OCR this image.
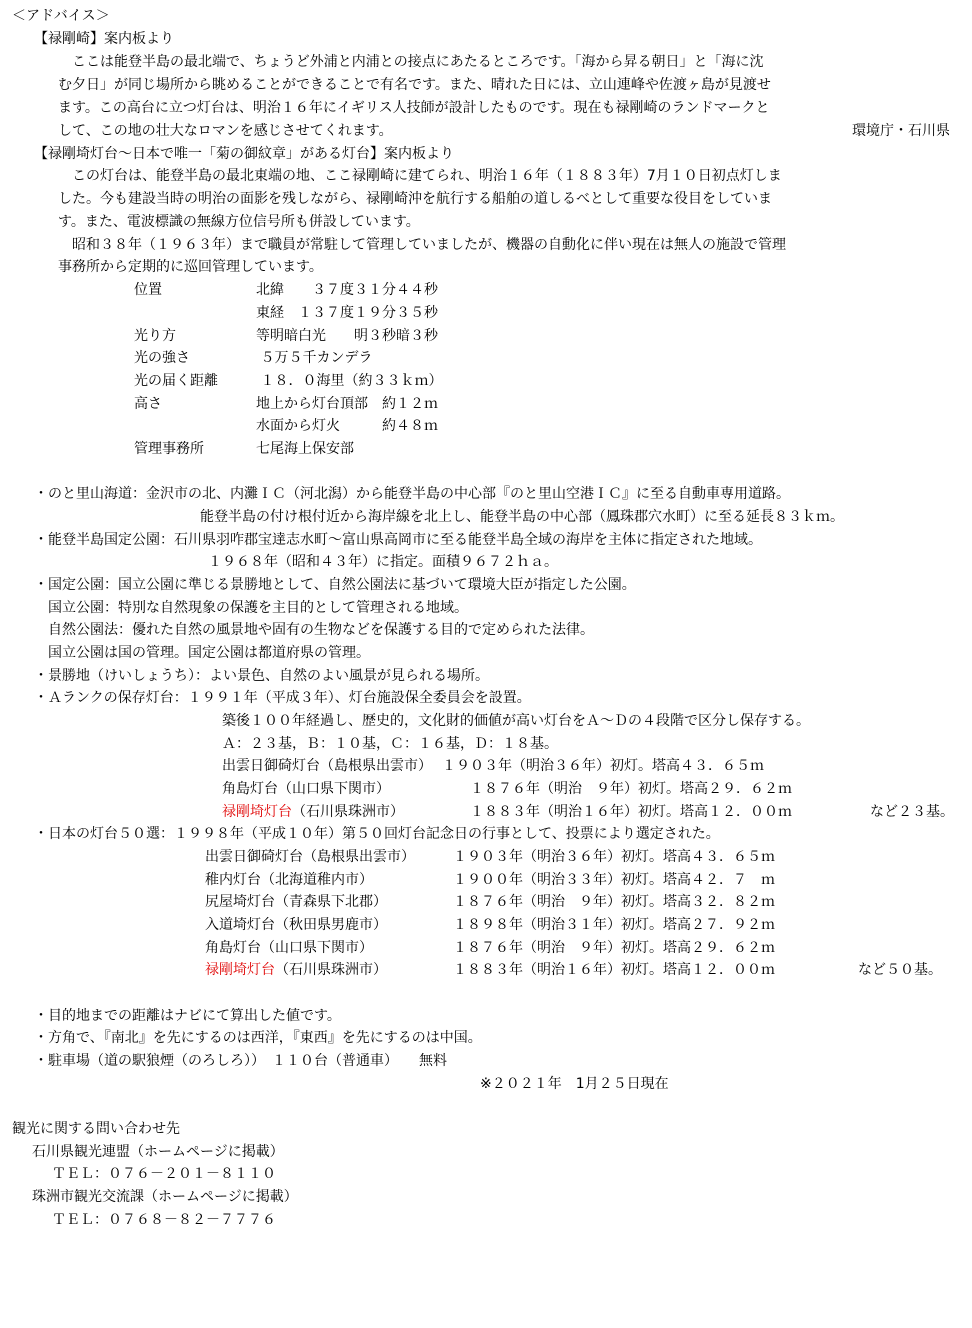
＜アドバイス＞
【禄剛崎】案内板より
ここは能登半島の最北端で、ちょうど外浦と内浦との接点にあたるところです。「海から昇る朝日」と「海に沈
む夕日」が同じ場所から眺めることができることで有名です。また、晴れた日には、立山連峰や佐渡ヶ島が見渡せ
ます。この高台に立つ灯台は、明治１６年にイギリス人技師が設計したものです。現在も禄剛崎のランドマークと
して、この地の壮大なロマンを感じさせてくれます。	環境庁・石川県
【禄剛埼灯台～日本で唯一「菊の御紋章」がある灯台】案内板より
この灯台は、能登半島の最北東端の地、ここ禄剛崎に建てられ、明治１６年（１８８３年）7月１０日初点灯しま
した。今も建設当時の明治の面影を残しながら、禄剛崎沖を航行する船舶の道しるべとして重要な役目をしていま
す。また、電波標識の無線方位信号所も併設しています。
昭和３８年（１９６３年）まで職員が常駐して管理していましたが、機器の自動化に伴い現在は無人の施設で管理
事務所から定期的に巡回管理しています。
位置	北緯　　３７度３１分４４秒
東経　１３７度１９分３５秒
光り方	等明暗白光　　明３秒暗３秒
光の強さ	５万５千カンデラ
光の届く距離	１８．０海里（約３３ｋｍ）
高さ	地上から灯台頂部　約１２ｍ
水面から灯火　　　約４８ｍ
管理事務所	七尾海上保安部
・のと里山海道：金沢市の北、内灘ＩＣ（河北潟）から能登半島の中心部『のと里山空港ＩＣ』に至る自動車専用道路。
能登半島の付け根付近から海岸線を北上し、能登半島の中心部（鳳珠郡穴水町）に至る延長８３ｋｍ。
・能登半島国定公園：石川県羽咋郡宝達志水町～富山県高岡市に至る能登半島全域の海岸を主体に指定された地域。
１９６８年（昭和４３年）に指定。面積９６７２ｈａ。
・国定公園：国立公園に準じる景勝地として、自然公園法に基づいて環境大臣が指定した公園。
国立公園：特別な自然現象の保護を主目的として管理される地域。
自然公園法：優れた自然の風景地や固有の生物などを保護する目的で定められた法律。
国立公園は国の管理。国定公園は都道府県の管理。
・景勝地（けいしょうち）：よい景色、自然のよい風景が見られる場所。
・Ａランクの保存灯台：１９９１年（平成３年）、灯台施設保全委員会を設置。
築後１００年経過し、歴史的，文化財的価値が高い灯台をＡ～Ｄの４段階で区分し保存する。
Ａ：２３基，Ｂ：１０基，Ｃ：１６基，Ｄ：１８基。
出雲日御碕灯台（島根県出雲市） １９０３年（明治３６年）初灯。塔高４３．６５ｍ
角島灯台（山口県下関市）	１８７６年（明治　９年）初灯。塔高２９．６２ｍ
禄剛埼灯台（石川県珠洲市）	１８８３年（明治１６年）初灯。塔高１２．００ｍ	など２３基。
・日本の灯台５０選：１９９８年（平成１０年）第５０回灯台記念日の行事として、投票により選定された。
出雲日御碕灯台（島根県出雲市）	１９０３年（明治３６年）初灯。塔高４３．６５ｍ
稚内灯台（北海道稚内市）	１９００年（明治３３年）初灯。塔高４２．７　ｍ
尻屋埼灯台（青森県下北郡）	１８７６年（明治　９年）初灯。塔高３２．８２ｍ
入道埼灯台（秋田県男鹿市）	１８９８年（明治３１年）初灯。塔高２７．９２ｍ
角島灯台（山口県下関市）	１８７６年（明治　９年）初灯。塔高２９．６２ｍ
禄剛埼灯台（石川県珠洲市）	１８８３年（明治１６年）初灯。塔高１２．００ｍ	など５０基。
・目的地までの距離はナビにて算出した値です。
・方角で、『南北』を先にするのは西洋，『東西』を先にするのは中国。
・駐車場（道の駅狼煙（のろしろ））　１１０台（普通車）　　無料
※２０２１年　1月２５日現在
観光に関する問い合わせ先
石川県観光連盟（ホームページに掲載）
ＴＥＬ：０７６－２０１－８１１０
珠洲市観光交流課（ホームページに掲載）
ＴＥＬ：０７６８－８２－７７７６
